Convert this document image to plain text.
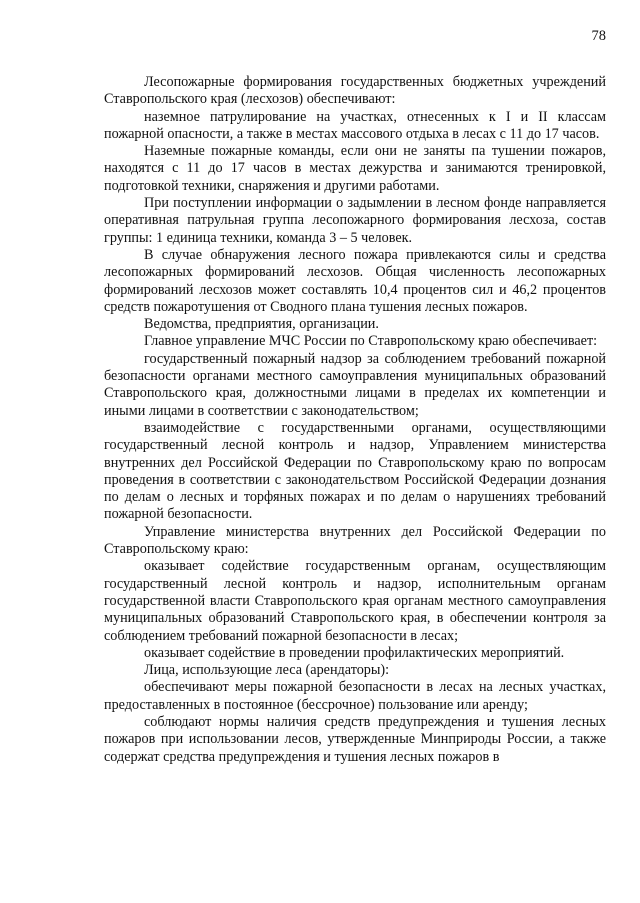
78

Лесопожарные формирования государственных бюджетных учреждений Ставропольского края (лесхозов) обеспечивают:

наземное патрулирование на участках, отнесенных к I и II классам пожарной опасности, а также в местах массового отдыха в лесах с 11 до 17 часов.

Наземные пожарные команды, если они не заняты па тушении пожаров, находятся с 11 до 17 часов в местах дежурства и занимаются тренировкой, подготовкой техники, снаряжения и другими работами.

При поступлении информации о задымлении в лесном фонде направляется оперативная патрульная группа лесопожарного формирования лесхоза, состав группы: 1 единица техники, команда 3 – 5 человек.

В случае обнаружения лесного пожара привлекаются силы и средства лесопожарных формирований лесхозов. Общая численность лесопожарных формирований лесхозов может составлять 10,4 процентов сил и 46,2 процентов средств пожаротушения от Сводного плана тушения лесных пожаров.

Ведомства, предприятия, организации.

Главное управление МЧС России по Ставропольскому краю обеспечивает:

государственный пожарный надзор за соблюдением требований пожарной безопасности органами местного самоуправления муниципальных образований Ставропольского края, должностными лицами в пределах их компетенции и иными лицами в соответствии с законодательством;

взаимодействие с государственными органами, осуществляющими государственный лесной контроль и надзор, Управлением министерства внутренних дел Российской Федерации по Ставропольскому краю по вопросам проведения в соответствии с законодательством Российской Федерации дознания по делам о лесных и торфяных пожарах и по делам о нарушениях требований пожарной безопасности.

Управление министерства внутренних дел Российской Федерации по Ставропольскому краю:

оказывает содействие государственным органам, осуществляющим государственный лесной контроль и надзор, исполнительным органам государственной власти Ставропольского края органам местного самоуправления муниципальных образований Ставропольского края, в обеспечении контроля за соблюдением требований пожарной безопасности в лесах;

оказывает содействие в проведении профилактических мероприятий.

Лица, использующие леса (арендаторы):

обеспечивают меры пожарной безопасности в лесах на лесных участках, предоставленных в постоянное (бессрочное) пользование или аренду;

соблюдают нормы наличия средств предупреждения и тушения лесных пожаров при использовании лесов, утвержденные Минприроды России, а также содержат средства предупреждения и тушения лесных пожаров в
